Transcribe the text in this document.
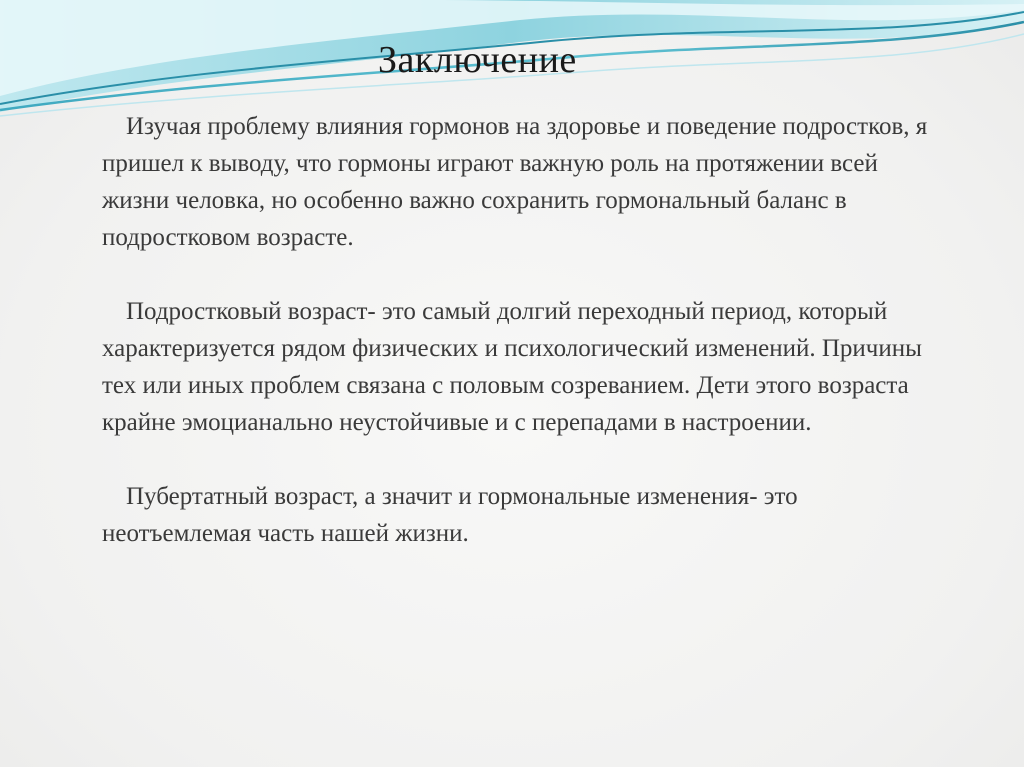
Заключение

Изучая проблему влияния гормонов на здоровье и поведение подростков, я пришел к выводу, что гормоны играют важную роль на протяжении всей жизни человка, но особенно важно сохранить гормональный баланс в подростковом возрасте.

Подростковый возраст- это самый долгий переходный период, который характеризуется рядом физических и психологический изменений. Причины тех или иных проблем связана с половым созреванием. Дети этого возраста крайне эмоцианально неустойчивые и с перепадами в настроении.

Пубертатный возраст, а значит и гормональные изменения- это неотъемлемая часть нашей жизни.
